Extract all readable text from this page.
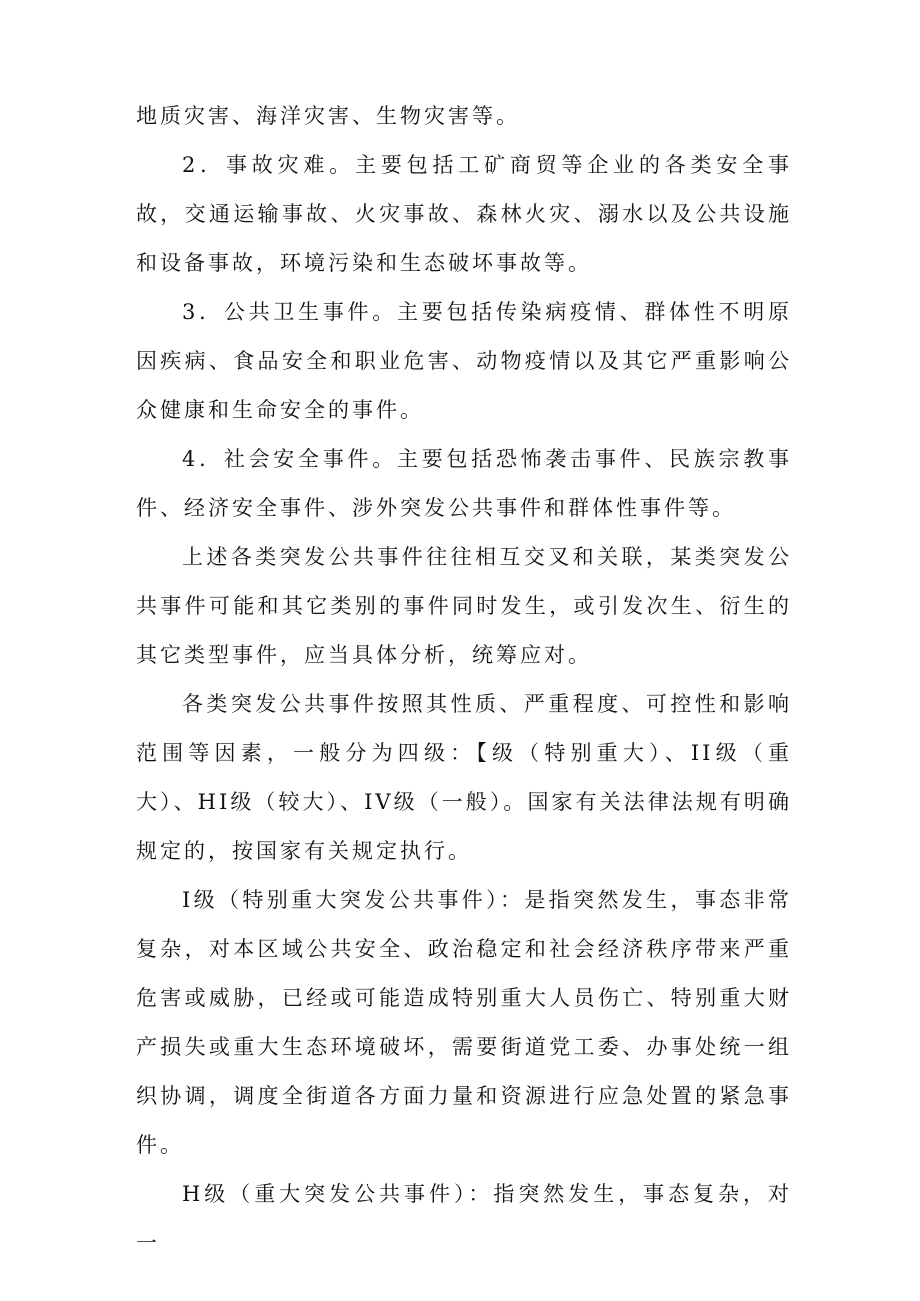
地质灾害、海洋灾害、生物灾害等。

2．事故灾难。主要包括工矿商贸等企业的各类安全事故，交通运输事故、火灾事故、森林火灾、溺水以及公共设施和设备事故，环境污染和生态破坏事故等。

3．公共卫生事件。主要包括传染病疫情、群体性不明原因疾病、食品安全和职业危害、动物疫情以及其它严重影响公众健康和生命安全的事件。

4．社会安全事件。主要包括恐怖袭击事件、民族宗教事件、经济安全事件、涉外突发公共事件和群体性事件等。

上述各类突发公共事件往往相互交叉和关联，某类突发公共事件可能和其它类别的事件同时发生，或引发次生、衍生的其它类型事件，应当具体分析，统筹应对。

各类突发公共事件按照其性质、严重程度、可控性和影响范围等因素，一般分为四级：【级（特别重大）、II级（重大）、HI级（较大）、IV级（一般）。国家有关法律法规有明确规定的，按国家有关规定执行。

I级（特别重大突发公共事件）：是指突然发生，事态非常复杂，对本区域公共安全、政治稳定和社会经济秩序带来严重危害或威胁，已经或可能造成特别重大人员伤亡、特别重大财产损失或重大生态环境破坏，需要街道党工委、办事处统一组织协调，调度全街道各方面力量和资源进行应急处置的紧急事件。

H级（重大突发公共事件）：指突然发生，事态复杂，对一
